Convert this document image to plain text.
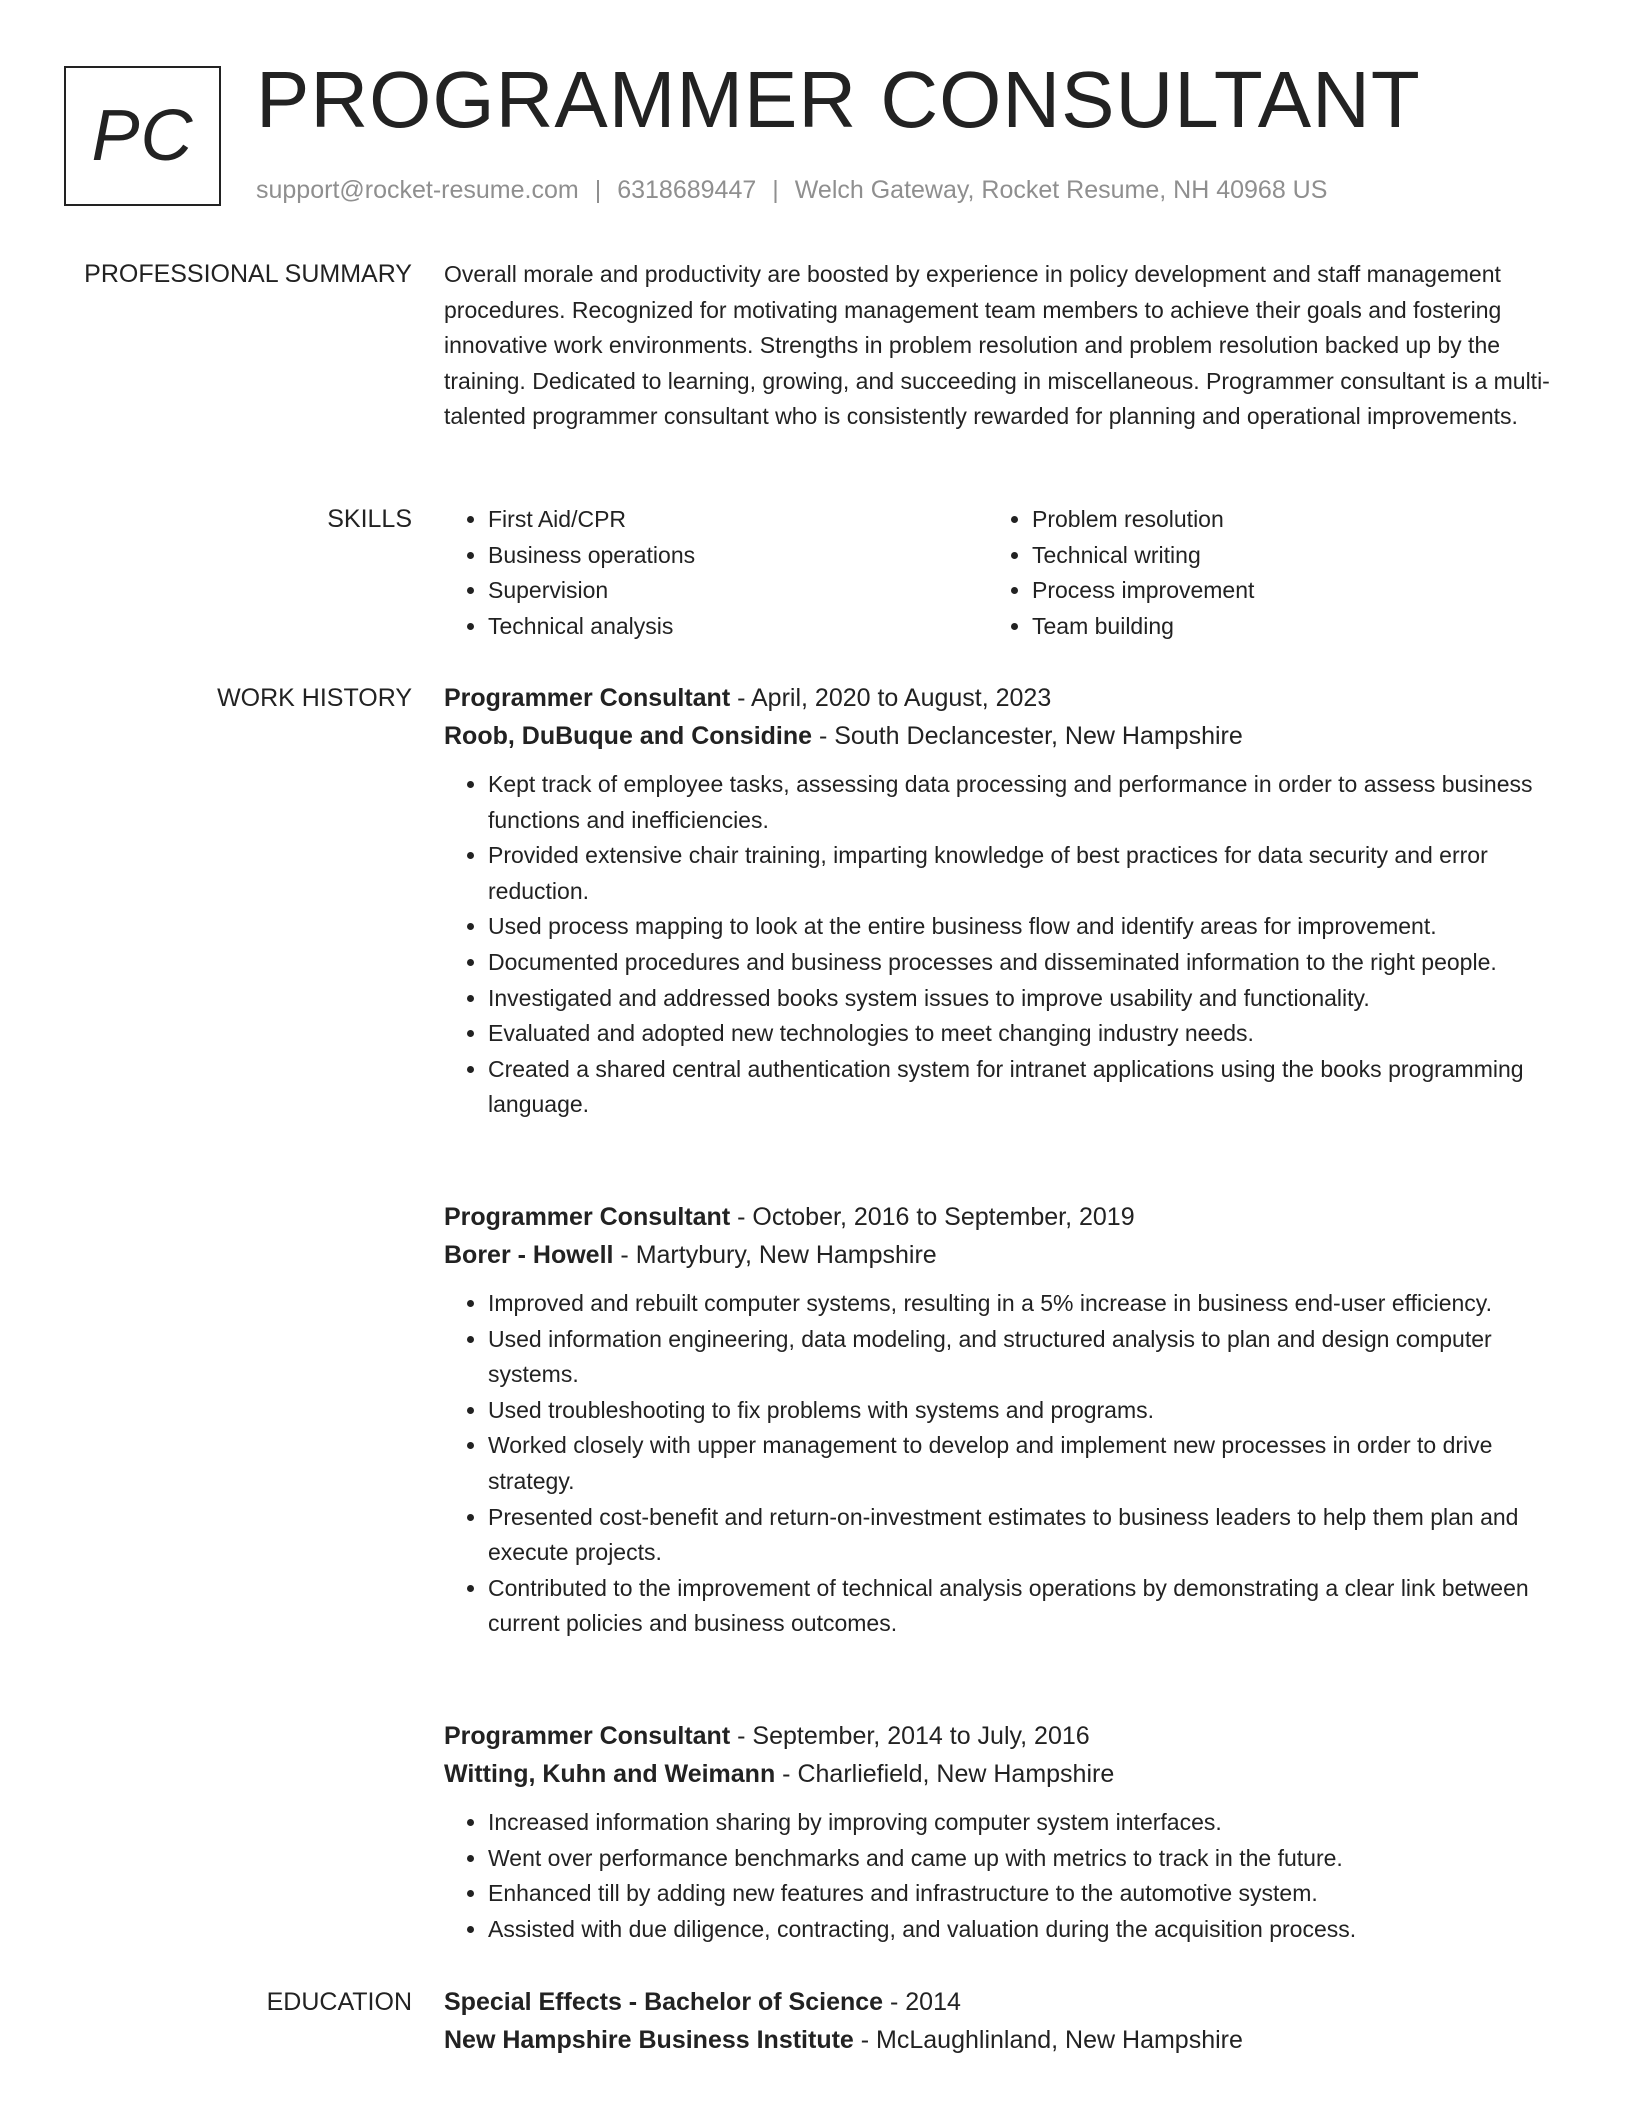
PC PROGRAMMER CONSULTANT
support@rocket-resume.com | 6318689447 | Welch Gateway, Rocket Resume, NH 40968 US
PROFESSIONAL SUMMARY Overall morale and productivity are boosted by experience in policy development and staff management procedures. Recognized for motivating management team members to achieve their goals and fostering innovative work environments. Strengths in problem resolution and problem resolution backed up by the training. Dedicated to learning, growing, and succeeding in miscellaneous. Programmer consultant is a multi-talented programmer consultant who is consistently rewarded for planning and operational improvements.

SKILLS
•	First Aid/CPR
• Business operations
• Supervision
• Technical analysis
• Problem resolution
• Technical writing
• Process improvement
• Team building
WORK HISTORY Programmer Consultant - April, 2020 to August, 2023
Roob, DuBuque and Considine - South Declancester, New Hampshire
• Kept track of employee tasks, assessing data processing and performance in order to assess business functions and inefficiencies.
• Provided extensive chair training, imparting knowledge of best practices for data security and error reduction.
• Used process mapping to look at the entire business flow and identify areas for improvement.
• Documented procedures and business processes and disseminated information to the right people.
• Investigated and addressed books system issues to improve usability and functionality.
• Evaluated and adopted new technologies to meet changing industry needs.
• Created a shared central authentication system for intranet applications using the books programming language.
Programmer Consultant - October, 2016 to September, 2019
Borer - Howell - Martybury, New Hampshire
• Improved and rebuilt computer systems, resulting in a 5% increase in business end-user efficiency.
• Used information engineering, data modeling, and structured analysis to plan and design computer systems.
• Used troubleshooting to fix problems with systems and programs.
• Worked closely with upper management to develop and implement new processes in order to drive strategy.
• Presented cost-benefit and return-on-investment estimates to business leaders to help them plan and execute projects.
• Contributed to the improvement of technical analysis operations by demonstrating a clear link between current policies and business outcomes.
Programmer Consultant - September, 2014 to July, 2016
Witting, Kuhn and Weimann - Charliefield, New Hampshire
• Increased information sharing by improving computer system interfaces.
• Went over performance benchmarks and came up with metrics to track in the future.
• Enhanced till by adding new features and infrastructure to the automotive system.
• Assisted with due diligence, contracting, and valuation during the acquisition process.
EDUCATION Special Effects - Bachelor of Science - 2014
New Hampshire Business Institute - McLaughlinland, New Hampshire
